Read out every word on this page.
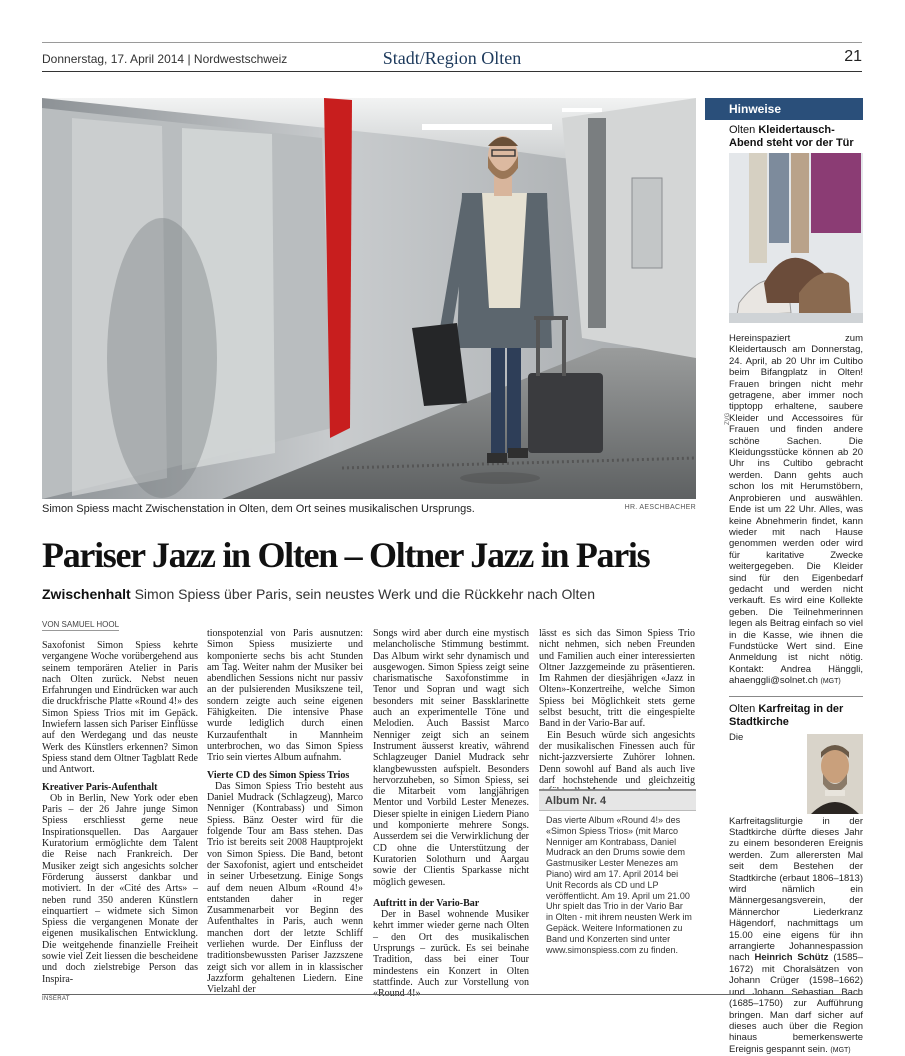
Donnerstag, 17. April 2014 | Nordwestschweiz	Stadt/Region Olten	21
Simon Spiess macht Zwischenstation in Olten, dem Ort seines musikalischen Ursprungs.	HR. AESCHBACHER
Pariser Jazz in Olten – Oltner Jazz in Paris
Zwischenhalt Simon Spiess über Paris, sein neustes Werk und die Rückkehr nach Olten
VON SAMUEL HOOL

Saxofonist Simon Spiess kehrte vergangene Woche vorübergehend aus seinem temporären Atelier in Paris nach Olten zurück. Nebst neuen Erfahrungen und Eindrücken war auch die druckfrische Platte «Round 4!» des Simon Spiess Trios mit im Gepäck. Inwiefern lassen sich Pariser Einflüsse auf den Werdegang und das neuste Werk des Künstlers erkennen? Simon Spiess stand dem Oltner Tagblatt Rede und Antwort.

Kreativer Paris-Aufenthalt

Ob in Berlin, New York oder eben Paris – der 26 Jahre junge Simon Spiess erschliesst gerne neue Inspirationsquellen. Das Aargauer Kuratorium ermöglichte dem Talent die Reise nach Frankreich. Der Musiker zeigt sich angesichts solcher Förderung äusserst dankbar und motiviert. In der «Cité des Arts» – neben rund 350 anderen Künstlern einquartiert – widmete sich Simon Spiess die vergangenen Monate der eigenen musikalischen Entwicklung. Die weitgehende finanzielle Freiheit sowie viel Zeit liessen die bescheidene und doch zielstrebige Person das Inspira-

tionspotenzial von Paris ausnutzen: Simon Spiess musizierte und komponierte sechs bis acht Stunden am Tag. Weiter nahm der Musiker bei abendlichen Sessions nicht nur passiv an der pulsierenden Musikszene teil, sondern zeigte auch seine eigenen Fähigkeiten. Die intensive Phase wurde lediglich durch einen Kurzaufenthalt in Mannheim unterbrochen, wo das Simon Spiess Trio sein viertes Album aufnahm.

Vierte CD des Simon Spiess Trios

Das Simon Spiess Trio besteht aus Daniel Mudrack (Schlagzeug), Marco Nenniger (Kontrabass) und Simon Spiess. Bänz Oester wird für die folgende Tour am Bass stehen. Das Trio ist bereits seit 2008 Hauptprojekt von Simon Spiess. Die Band, betont der Saxofonist, agiert und entscheidet in seiner Urbesetzung. Einige Songs auf dem neuen Album «Round 4!» entstanden daher in reger Zusammenarbeit vor Beginn des Aufenthaltes in Paris, auch wenn manchen dort der letzte Schliff verliehen wurde. Der Einfluss der traditionsbewussten Pariser Jazzszene zeigt sich vor allem in in klassischer Jazzform gehaltenen Liedern. Eine Vielzahl der

Songs wird aber durch eine mystisch melancholische Stimmung bestimmt. Das Album wirkt sehr dynamisch und ausgewogen. Simon Spiess zeigt seine charismatische Saxofonstimme in Tenor und Sopran und wagt sich besonders mit seiner Bassklarinette auch an experimentelle Töne und Melodien. Auch Bassist Marco Nenniger zeigt sich an seinem Instrument äusserst kreativ, während Schlagzeuger Daniel Mudrack sehr klangbewussten aufspielt. Besonders hervorzuheben, so Simon Spiess, sei die Mitarbeit vom langjährigen Mentor und Vorbild Lester Menezes. Dieser spielte in einigen Liedern Piano und komponierte mehrere Songs. Ausserdem sei die Verwirklichung der CD ohne die Unterstützung der Kuratorien Solothurn und Aargau sowie der Clientis Sparkasse nicht möglich gewesen.

Auftritt in der Vario-Bar

Der in Basel wohnende Musiker kehrt immer wieder gerne nach Olten – den Ort des musikalischen Ursprungs – zurück. Es sei beinahe Tradition, dass bei einer Tour mindestens ein Konzert in Olten stattfinde. Auch zur Vorstellung von «Round 4!»

lässt es sich das Simon Spiess Trio nicht nehmen, sich neben Freunden und Familien auch einer interessierten Oltner Jazzgemeinde zu präsentieren. Im Rahmen der diesjährigen «Jazz in Olten»-Konzertreihe, welche Simon Spiess bei Möglichkeit stets gerne selbst besucht, tritt die eingespielte Band in der Vario-Bar auf.

Ein Besuch würde sich angesichts der musikalischen Finessen auch für nicht-jazzversierte Zuhörer lohnen. Denn sowohl auf Band als auch live darf hochstehende und gleichzeitig

Album Nr. 4
Das vierte Album «Round 4!» des «Simon Spiess Trios» (mit Marco Nenniger am Kontrabass, Daniel Mudrack an den Drums sowie dem Gastmusiker Lester Menezes am Piano) wird am 17. April 2014 bei Unit Records als CD und LP veröffentlicht. Am 19. April um 21.00 Uhr spielt das Trio in der Vario Bar in Olten - mit ihrem neusten Werk im Gepäck. Weitere Informationen zu Band und Konzerten sind unter www.simonspiess.com zu finden.
Hinweise
Olten Kleidertausch-Abend steht vor der Tür
ZVG

Hereinspaziert zum Kleidertausch am Donnerstag, 24. April, ab 20 Uhr im Cultibo beim Bifangplatz in Olten! Frauen bringen nicht mehr getragene, aber immer noch tipptopp erhaltene, saubere Kleider und Accessoires für Frauen und finden andere schöne Sachen. Die Kleidungsstücke können ab 20 Uhr ins Cultibo gebracht werden. Dann gehts auch schon los mit Herumstöbern, Anprobieren und auswählen. Ende ist um 22 Uhr. Alles, was keine Abnehmerin findet, kann wieder mit nach Hause genommen werden oder wird für karitative Zwecke weitergegeben. Die Kleider sind für den Eigenbedarf gedacht und werden nicht verkauft. Es wird eine Kollekte geben. Die Teilnehmerinnen legen als Beitrag einfach so viel in die Kasse, wie ihnen die Fundstücke Wert sind. Eine Anmeldung ist nicht nötig. Kontakt: Andrea Hänggli, ahaenggli@solnet.ch (MGT)

Olten Karfreitag in der Stadtkirche
Die Karfreitagsliturgie in der Stadtkirche dürfte dieses Jahr zu einem besonderen Ereignis werden. Zum allerersten Mal seit dem Bestehen der Stadtkirche (erbaut 1806–1813) wird nämlich ein Männergesangsverein, der Männerchor Liederkranz Hägendorf, nachmittags um 15.00 eine eigens für ihn arrangierte Johannespassion nach Heinrich Schütz (1585–1672) mit Choralsätzen von Johann Crüger (1598–1662) und Johann Sebastian Bach (1685–1750) zur Aufführung bringen. Man darf sicher auf dieses auch über die Region hinaus bemerkenswerte Ereignis gespannt sein. (MGT)
INSERAT
